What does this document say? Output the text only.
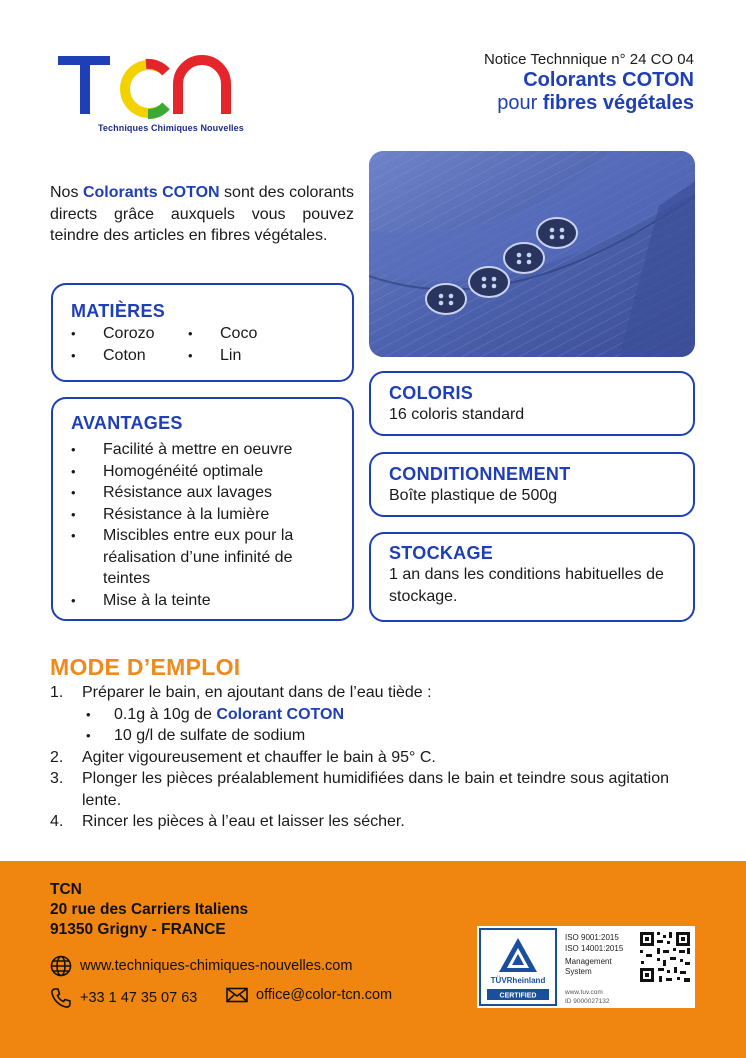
Techniques Chimiques Nouvelles
Notice Technnique n° 24 CO 04
Colorants COTON
pour fibres végétales
Nos Colorants COTON sont des colorants directs grâce auxquels vous pouvez teindre des articles en fibres végétales.
MATIÈRES
• Corozo	• Coco
• Coton	• Lin
AVANTAGES
• Facilité à mettre en oeuvre
• Homogénéité optimale
• Résistance aux lavages
• Résistance à la lumière
• Miscibles entre eux pour la réalisation d’une infinité de teintes
• Mise à la teinte
COLORIS
16 coloris standard
CONDITIONNEMENT
Boîte plastique de 500g
STOCKAGE
1 an dans les conditions habituelles de stockage.
MODE D’EMPLOI
1. Préparer le bain, en ajoutant dans de l’eau tiède :
• 0.1g à 10g de Colorant COTON
• 10 g/l de sulfate de sodium
2. Agiter vigoureusement et chauffer le bain à 95° C.
3. Plonger les pièces préalablement humidifiées dans le bain et teindre sous agitation lente.
4. Rincer les pièces à l’eau et laisser les sécher.
TCN
20 rue des Carriers Italiens
91350 Grigny - FRANCE
www.techniques-chimiques-nouvelles.com
+33 1 47 35 07 63	office@color-tcn.com
TÜVRheinland
CERTIFIED
ISO 9001:2015
ISO 14001:2015
Management
System
www.tuv.com
ID 9000027132
